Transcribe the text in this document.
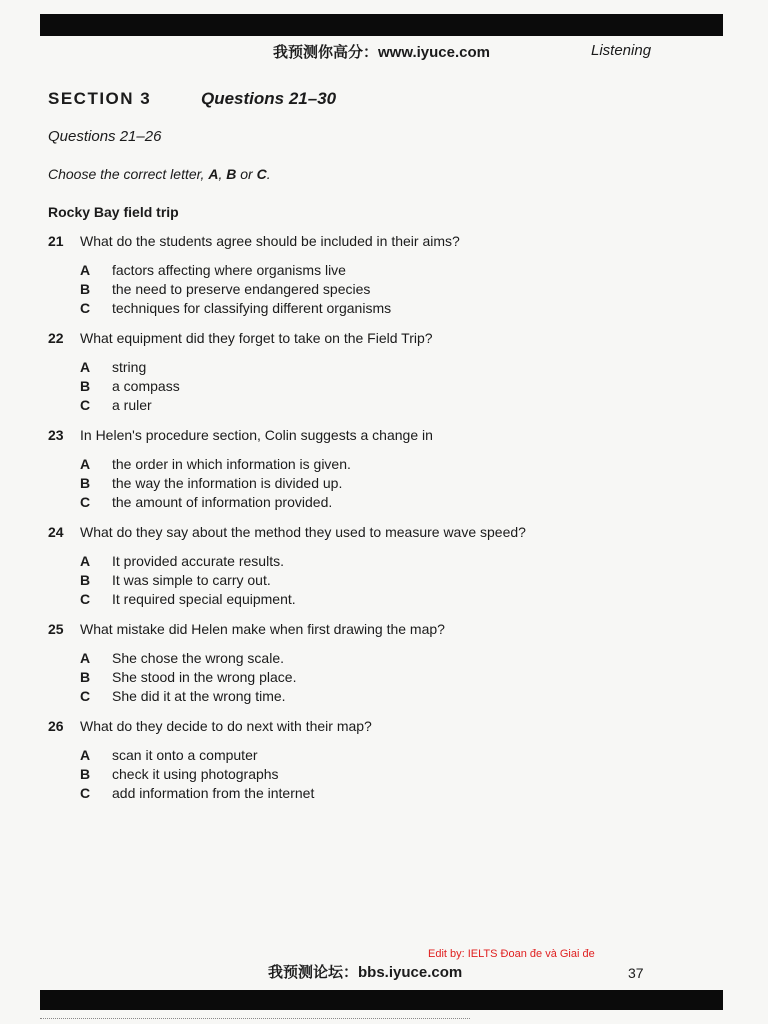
我预测你高分：www.iyuce.com	Listening
SECTION 3	Questions 21–30
Questions 21–26
Choose the correct letter, A, B or C.
Rocky Bay field trip
21	What do the students agree should be included in their aims?
A	factors affecting where organisms live
B	the need to preserve endangered species
C	techniques for classifying different organisms
22	What equipment did they forget to take on the Field Trip?
A	string
B	a compass
C	a ruler
23	In Helen's procedure section, Colin suggests a change in
A	the order in which information is given.
B	the way the information is divided up.
C	the amount of information provided.
24	What do they say about the method they used to measure wave speed?
A	It provided accurate results.
B	It was simple to carry out.
C	It required special equipment.
25	What mistake did Helen make when first drawing the map?
A	She chose the wrong scale.
B	She stood in the wrong place.
C	She did it at the wrong time.
26	What do they decide to do next with their map?
A	scan it onto a computer
B	check it using photographs
C	add information from the internet
Edit by: IELTS Đoan đe và Giai đe
我预测论坛：bbs.iyuce.com	37
